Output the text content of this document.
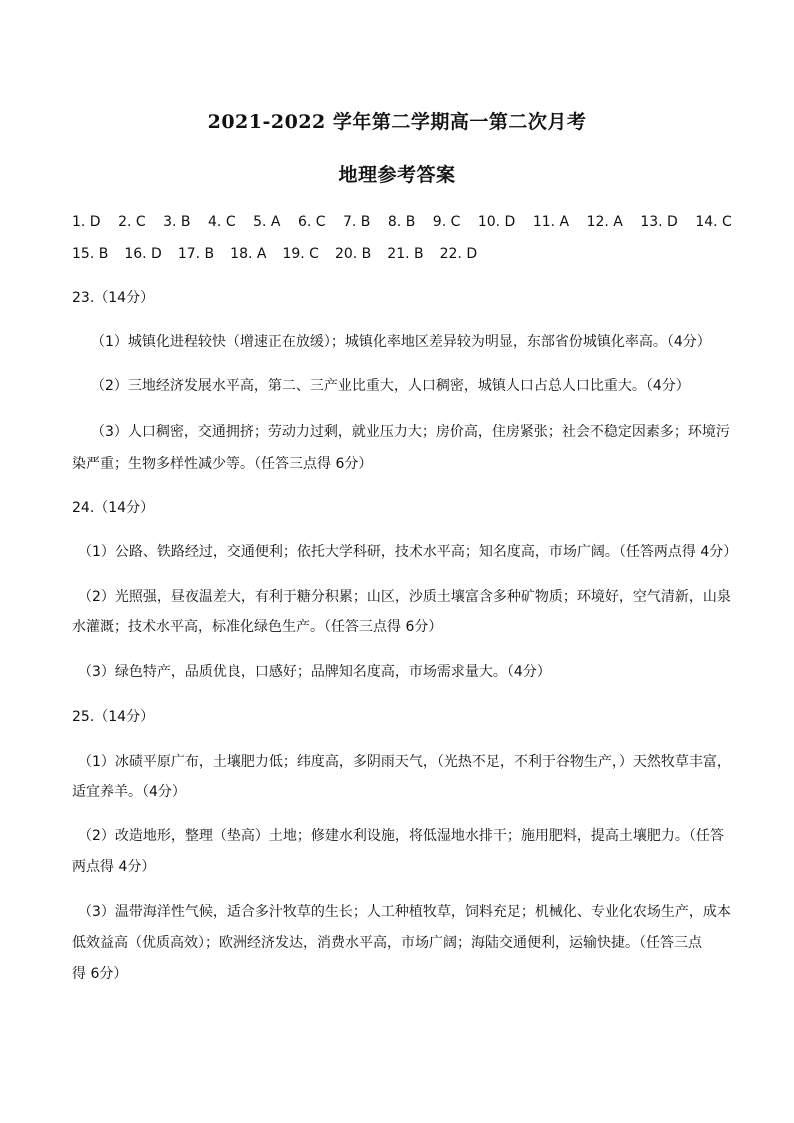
2021-2022 学年第二学期高一第二次月考
地理参考答案
1. D 2. C 3. B 4. C 5. A 6. C 7. B 8. B 9. C 10. D 11. A 12. A 13. D 14. C
15. B 16. D 17. B 18. A 19. C 20. B 21. B 22. D
23.（14分）
（1）城镇化进程较快（增速正在放缓）；城镇化率地区差异较为明显，东部省份城镇化率高。（4分）
（2）三地经济发展水平高，第二、三产业比重大，人口稠密，城镇人口占总人口比重大。（4分）
（3）人口稠密，交通拥挤；劳动力过剩，就业压力大；房价高，住房紧张；社会不稳定因素多；环境污
染严重；生物多样性减少等。（任答三点得 6分）
24.（14分）
（1）公路、铁路经过，交通便利；依托大学科研，技术水平高；知名度高，市场广阔。（任答两点得 4分）
（2）光照强，昼夜温差大，有利于糖分积累；山区，沙质土壤富含多种矿物质；环境好，空气清新，山泉
水灌溉；技术水平高，标准化绿色生产。（任答三点得 6分）
（3）绿色特产，品质优良，口感好；品牌知名度高，市场需求量大。（4分）
25.（14分）
（1）冰碛平原广布，土壤肥力低；纬度高，多阴雨天气，（光热不足，不利于谷物生产，）天然牧草丰富，
适宜养羊。（4分）
（2）改造地形，整理（垫高）土地；修建水利设施，将低湿地水排干；施用肥料，提高土壤肥力。（任答
两点得 4分）
（3）温带海洋性气候，适合多汁牧草的生长；人工种植牧草，饲料充足；机械化、专业化农场生产，成本
低效益高（优质高效）；欧洲经济发达，消费水平高，市场广阔；海陆交通便利，运输快捷。（任答三点
得 6分）
